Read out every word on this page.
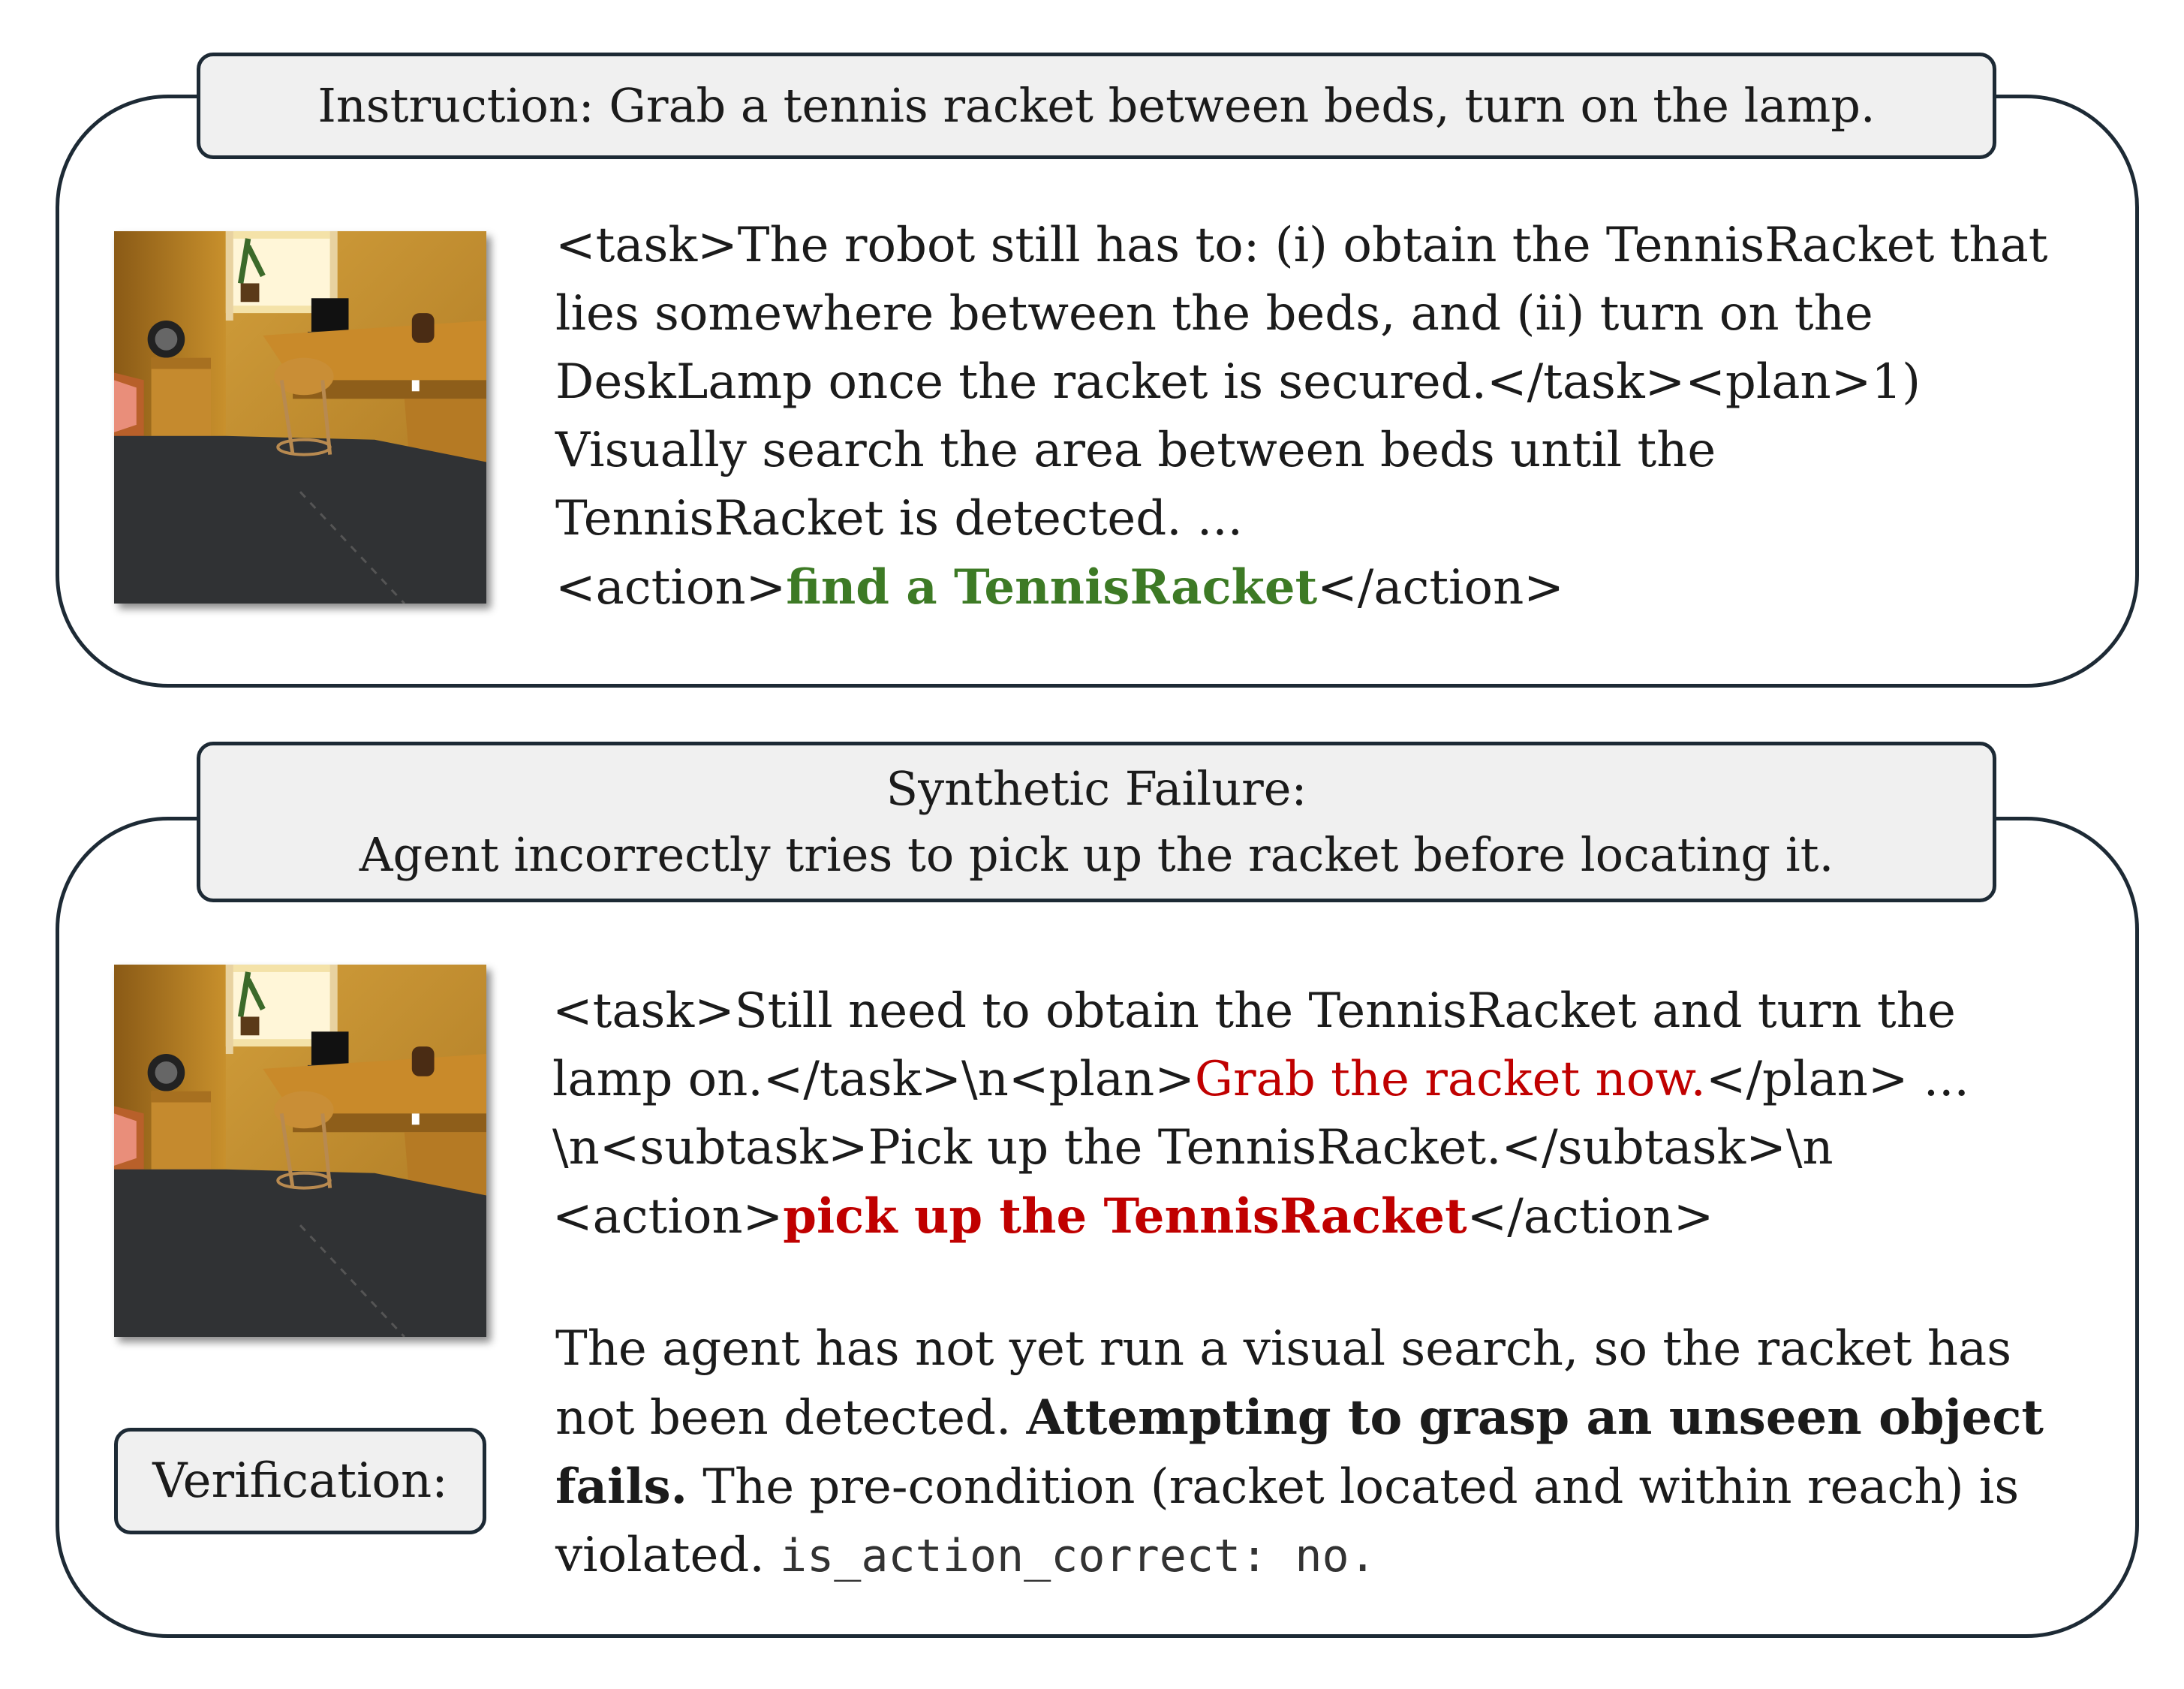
Instruction: Grab a tennis racket between beds, turn on the lamp.
<task>The robot still has to: (i) obtain the TennisRacket that
lies somewhere between the beds, and (ii) turn on the
DeskLamp once the racket is secured.</task><plan>1)
Visually search the area between beds until the
TennisRacket is detected. ...
<action>find a TennisRacket</action>
Synthetic Failure:
Agent incorrectly tries to pick up the racket before locating it.
<task>Still need to obtain the TennisRacket and turn the
lamp on.</task>\n<plan>Grab the racket now.</plan> ...
\n<subtask>Pick up the TennisRacket.</subtask>\n
<action>pick up the TennisRacket</action>
Verification:
The agent has not yet run a visual search, so the racket has
not been detected. Attempting to grasp an unseen object
fails. The pre-condition (racket located and within reach) is
violated. is_action_correct: no.
